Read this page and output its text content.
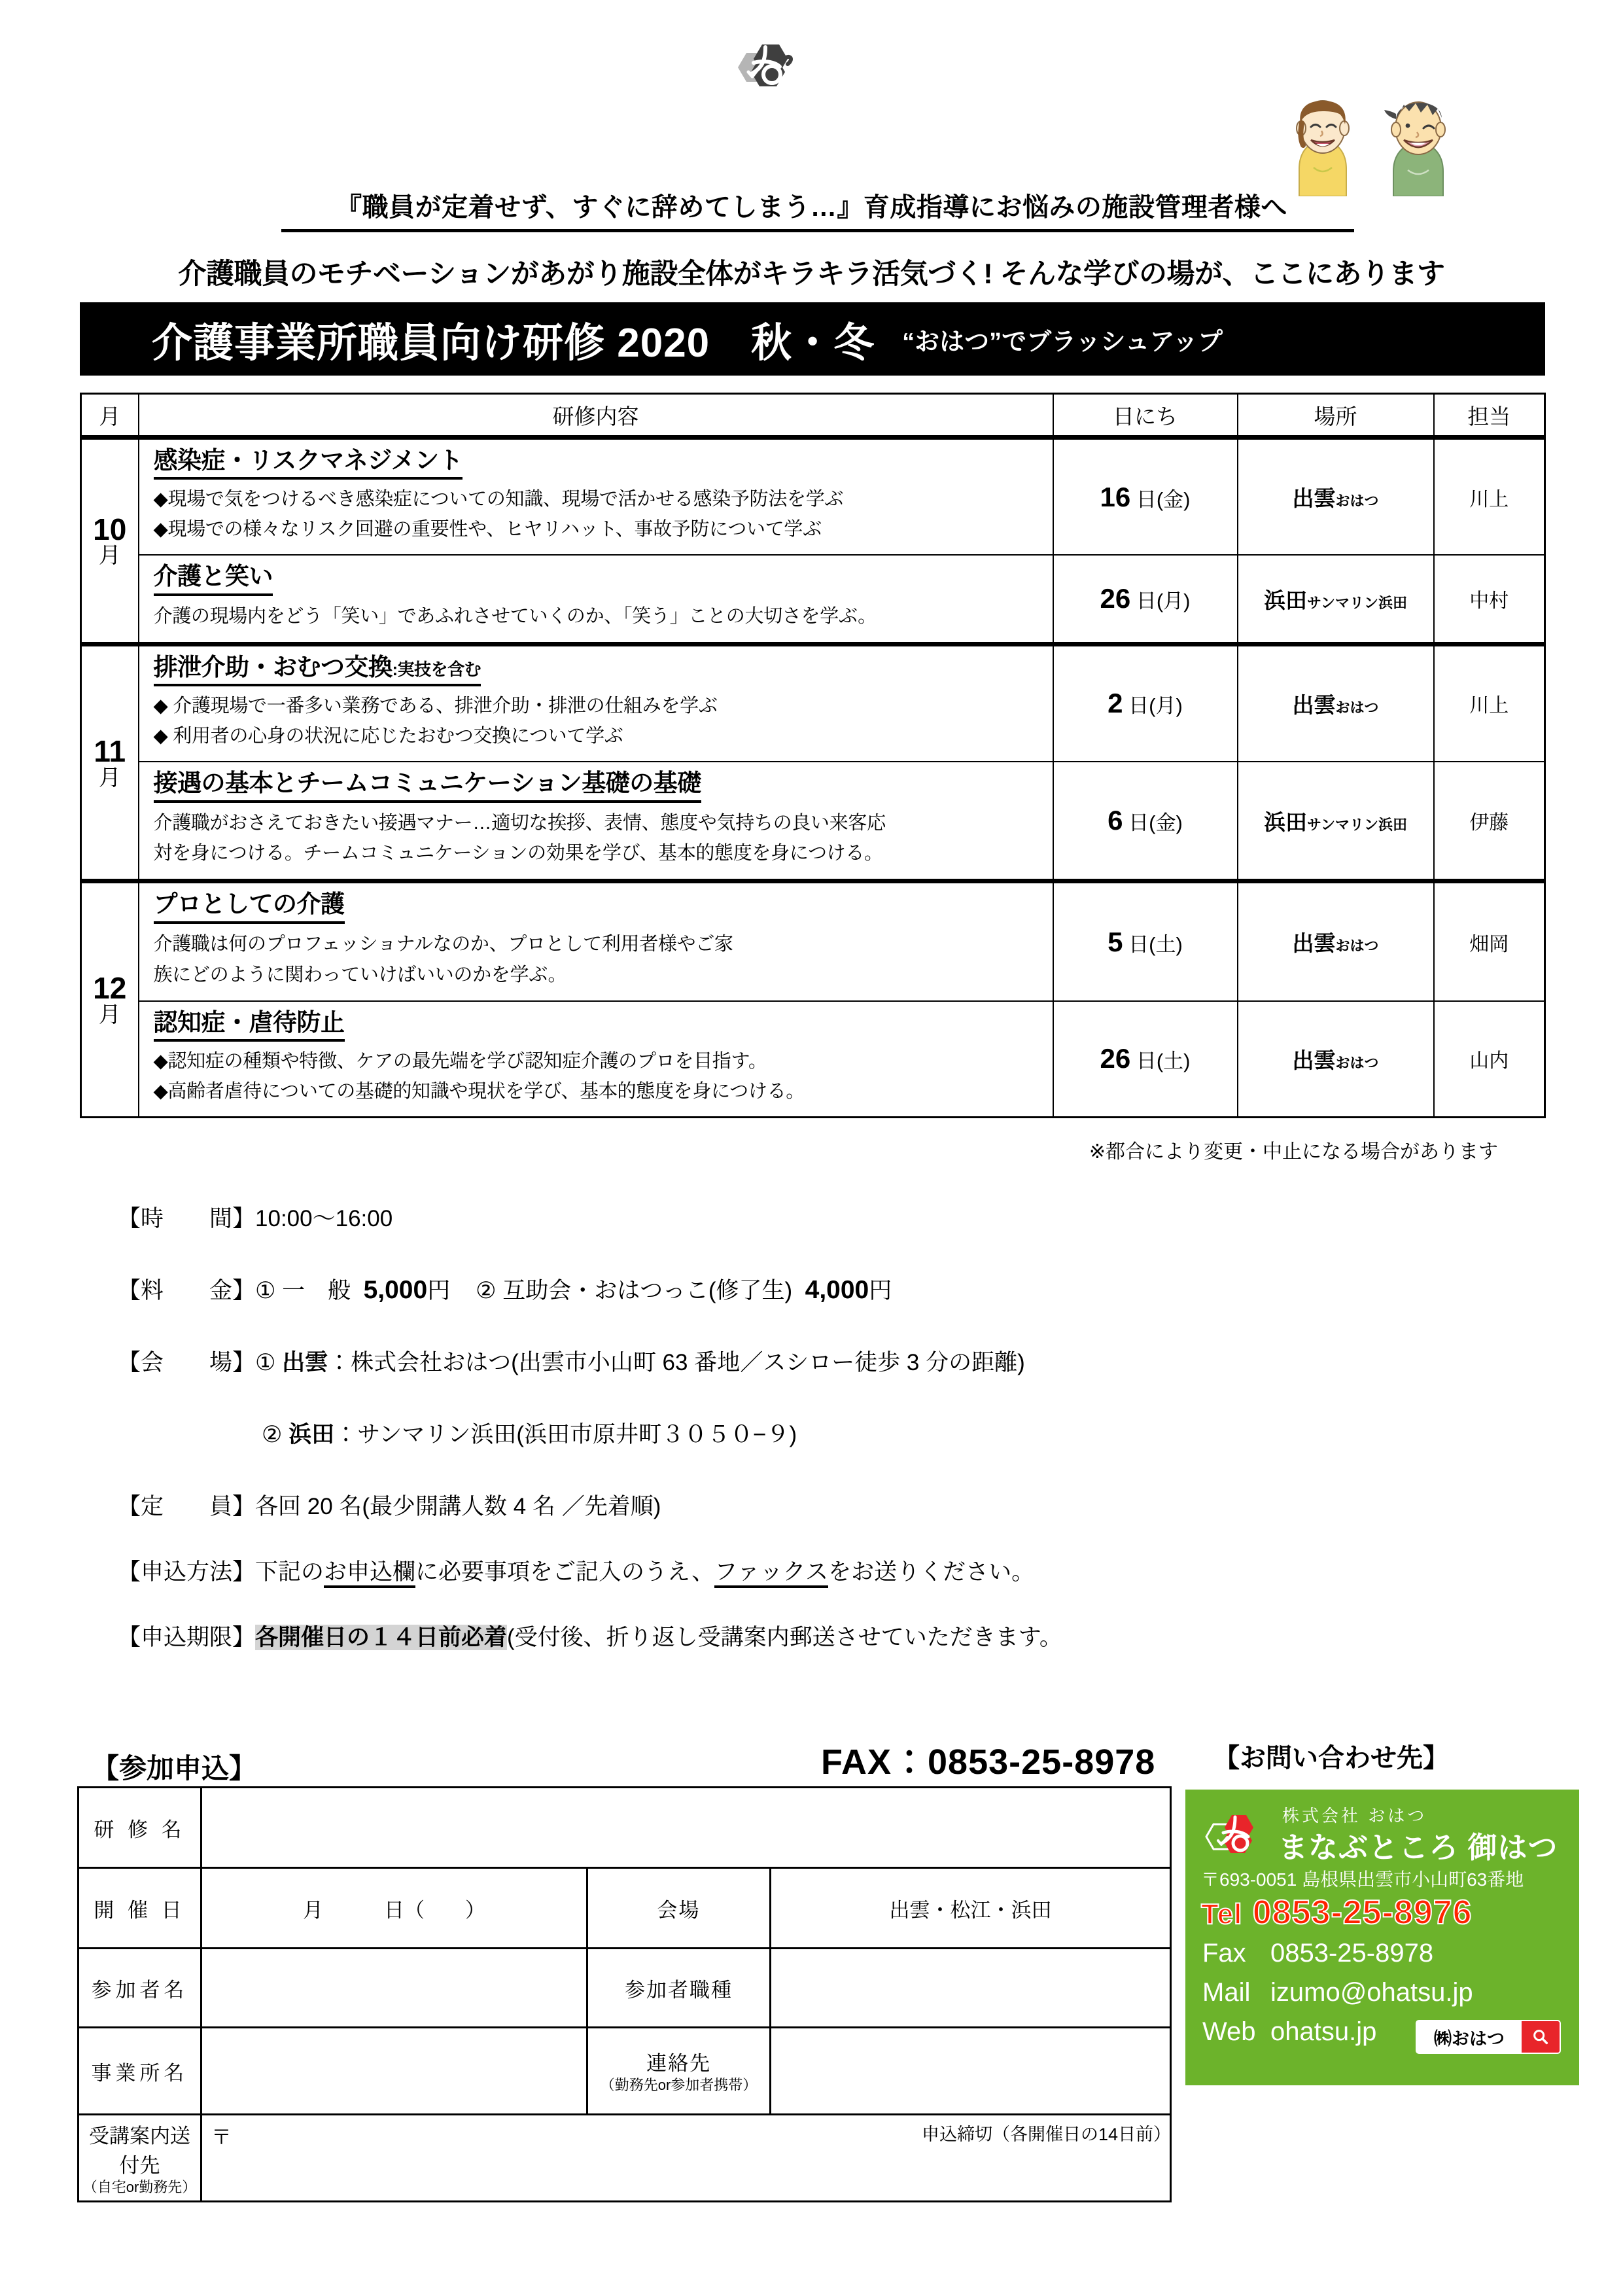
『職員が定着せず、すぐに辞めてしまう…』育成指導にお悩みの施設管理者様へ
介護職員のモチベーションがあがり施設全体がキラキラ活気づく! そんな学びの場が、ここにあります
介護事業所職員向け研修 2020　秋・冬 “おはつ”でブラッシュアップ
月	研修内容	日にち	場所	担当

10
月

感染症・リスクマネジメント
◆現場で気をつけるべき感染症についての知識、現場で活かせる感染予防法を学ぶ
◆現場での様々なリスク回避の重要性や、ヒヤリハット、事故予防について学ぶ
	16 日(金)	出雲おはつ	川上

	介護と笑い
介護の現場内をどう「笑い」であふれさせていくのか、「笑う」ことの大切さを学ぶ。	26 日(月)	浜田サンマリン浜田	中村

11
月

排泄介助・おむつ交換:実技を含む
◆ 介護現場で一番多い業務である、排泄介助・排泄の仕組みを学ぶ
◆ 利用者の心身の状況に応じたおむつ交換について学ぶ
	2 日(月)	出雲おはつ	川上

	接遇の基本とチームコミュニケーション基礎の基礎
介護職がおさえておきたい接遇マナー…適切な挨拶、表情、態度や気持ちの良い来客応
対を身につける。チームコミュニケーションの効果を学び、基本的態度を身につける。	6 日(金)	浜田サンマリン浜田	伊藤

12
月

プロとしての介護
介護職は何のプロフェッショナルなのか、プロとして利用者様やご家
族にどのように関わっていけばいいのかを学ぶ。
	5 日(土)	出雲おはつ	畑岡

	認知症・虐待防止
◆認知症の種類や特徴、ケアの最先端を学び認知症介護のプロを目指す。
◆高齢者虐待についての基礎的知識や現状を学び、基本的態度を身につける。	26 日(土)	出雲おはつ	山内
※都合により変更・中止になる場合があります
【時　　間】10:00〜16:00
【料　　金】① 一　般 5,000円 ② 互助会・おはつっこ(修了生) 4,000円
【会　　場】① 出雲：株式会社おはつ(出雲市小山町 63 番地／スシロー徒歩 3 分の距離)
② 浜田：サンマリン浜田(浜田市原井町３０５０−９)
【定　　員】各回 20 名(最少開講人数 4 名 ／先着順)
【申込方法】下記のお申込欄に必要事項をご記入のうえ、ファックスをお送りください。
【申込期限】各開催日の１４日前必着(受付後、折り返し受講案内郵送させていただきます。
【参加申込】	FAX：0853-25-8978
研 修 名			
開 催 日	月　　　日（　　）	会場	出雲・松江・浜田
参加者名		参加者職種	
事業所名		連絡先
（勤務先or参加者携帯）	

受講案内送付先
（自宅or勤務先）	〒			申込締切（各開催日の14日前）
【お問い合わせ先】
株式会社 おはつ
まなぶところ 御はつ
〒693-0051 島根県出雲市小山町63番地
Tel 0853-25-8976
Fax 0853-25-8978
Mail izumo@ohatsu.jp
Web ohatsu.jp	㈱おはつ
